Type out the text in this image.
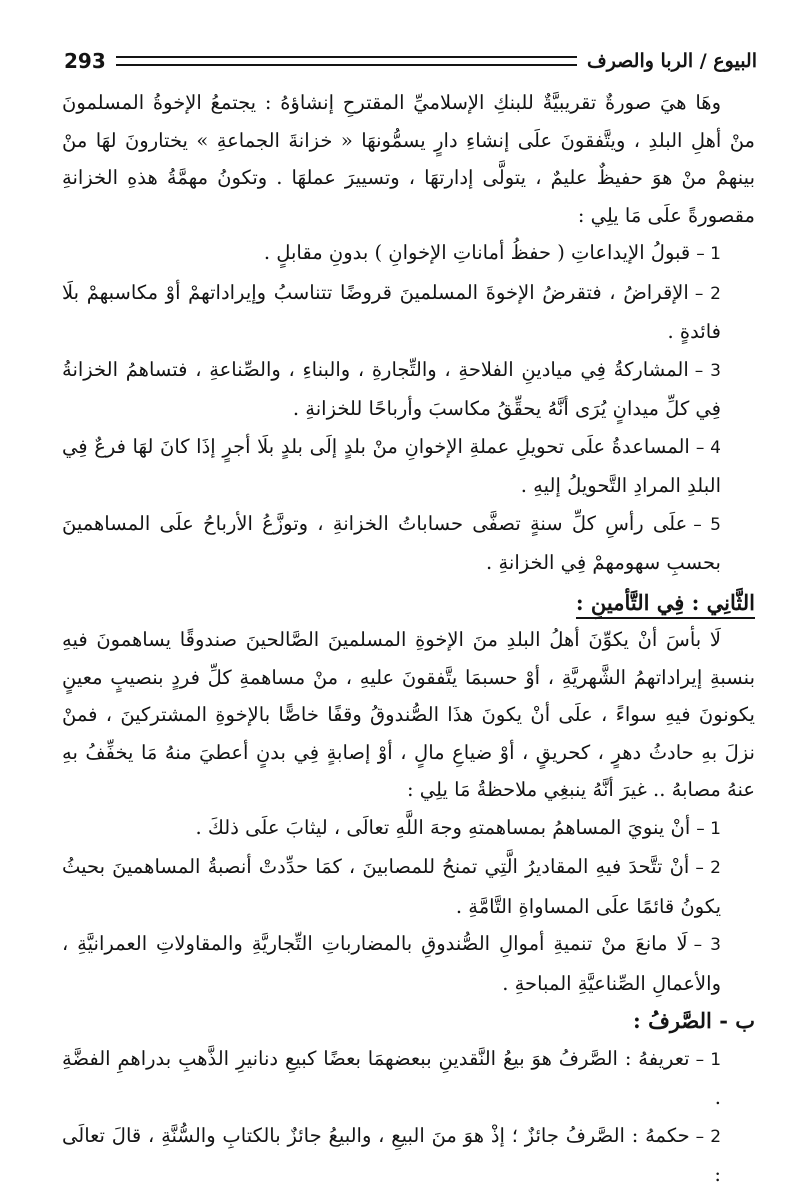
البيوع / الربا والصرف
293

وهَا هيَ صورةٌ تقريبيَّةٌ للبنكِ الإسلاميِّ المقترحِ إنشاؤهُ : يجتمعُ الإخوةُ المسلمونَ منْ أهلِ البلدِ ، ويتَّفقونَ علَى إنشاءِ دارٍ يسمُّونهَا « خزانةَ الجماعةِ » يختارونَ لهَا منْ بينهمْ منْ هوَ حفيظٌ عليمٌ ، يتولَّى إدارتهَا ، وتسييرَ عملهَا . وتكونُ مهمَّةُ هذهِ الخزانةِ مقصورةً علَى مَا يلِي :

1 –قبولُ الإيداعاتِ ( حفظُ أماناتِ الإخوانِ ) بدونِ مقابلٍ .

2 –الإقراضُ ، فتقرضُ الإخوةَ المسلمينَ قروضًا تتناسبُ وإيراداتهمْ أوْ مكاسبهمْ بلَا فائدةٍ .

3 –المشاركةُ فِي ميادينِ الفلاحةِ ، والتِّجارةِ ، والبناءِ ، والصِّناعةِ ، فتساهمُ الخزانةُ فِي كلِّ ميدانٍ يُرَى أنَّهُ يحقِّقُ مكاسبَ وأرباحًا للخزانةِ .

4 –المساعدةُ علَى تحويلِ عملةِ الإخوانِ منْ بلدٍ إلَى بلدٍ بلَا أجرٍ إذَا كانَ لهَا فرعٌ فِي البلدِ المرادِ التَّحويلُ إليهِ .

5 –علَى رأسِ كلِّ سنةٍ تصفَّى حساباتُ الخزانةِ ، وتوزَّعُ الأرباحُ علَى المساهمينَ بحسبِ سهومهمْ فِي الخزانةِ .

الثَّانِي : فِي التَّأمينِ :

لَا بأسَ أنْ يكوِّنَ أهلُ البلدِ منَ الإخوةِ المسلمينَ الصَّالحينَ صندوقًا يساهمونَ فيهِ بنسبةِ إيراداتهمُ الشَّهريَّةِ ، أوْ حسبمَا يتَّفقونَ عليهِ ، منْ مساهمةِ كلِّ فردٍ بنصيبٍ معينٍ يكونونَ فيهِ سواءً ، علَى أنْ يكونَ هذَا الصُّندوقُ وقفًا خاصًّا بالإخوةِ المشتركينَ ، فمنْ نزلَ بهِ حادثُ دهرٍ ، كحريقٍ ، أوْ ضياعِ مالٍ ، أوْ إصابةٍ فِي بدنٍ أعطيَ منهُ مَا يخفِّفُ بهِ عنهُ مصابهُ .. غيرَ أنَّهُ ينبغِي ملاحظةُ مَا يلِي :

1 –أنْ ينويَ المساهمُ بمساهمتهِ وجهَ اللَّهِ تعالَى ، ليثابَ علَى ذلكَ .

2 –أنْ تتَّحدَ فيهِ المقاديرُ الَّتِي تمنحُ للمصابينَ ، كمَا حدِّدتْ أنصبةُ المساهمينَ بحيثُ يكونُ قائمًا علَى المساواةِ التَّامَّةِ .

3 –لَا مانعَ منْ تنميةِ أموالِ الصُّندوقِ بالمضارباتِ التِّجاريَّةِ والمقاولاتِ العمرانيَّةِ ، والأعمالِ الصِّناعيَّةِ المباحةِ .

ب - الصَّرفُ :

1 –تعريفهُ : الصَّرفُ هوَ بيعُ النَّقدينِ ببعضهمَا بعضًا كبيعِ دنانيرِ الذَّهبِ بدراهمِ الفضَّةِ .

2 –حكمهُ : الصَّرفُ جائزٌ ؛ إذْ هوَ منَ البيعِ ، والبيعُ جائزٌ بالكتابِ والسُّنَّةِ ، قالَ تعالَى :
